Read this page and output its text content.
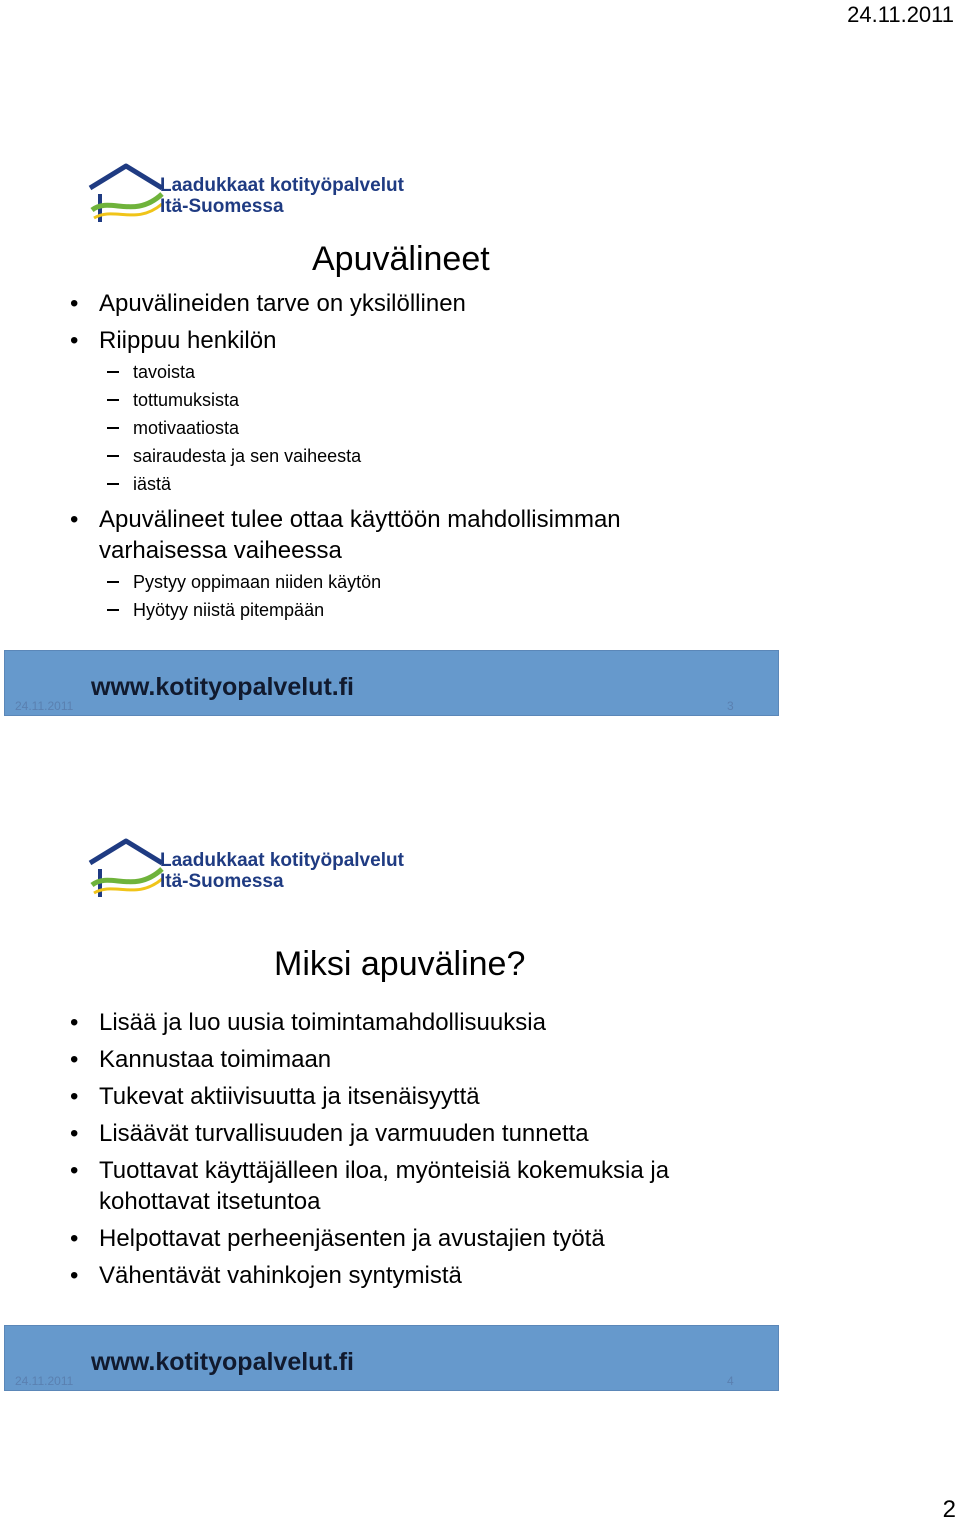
24.11.2011
Laadukkaat kotityöpalvelut
Itä-Suomessa
Apuvälineet
• Apuvälineiden tarve on yksilöllinen
• Riippuu henkilön
tavoista
tottumuksista
motivaatiosta
sairaudesta ja sen vaiheesta
iästä
• Apuvälineet tulee ottaa käyttöön mahdollisimman varhaisessa vaiheessa
Pystyy oppimaan niiden käytön
Hyötyy niistä pitempään
www.kotityopalvelut.fi
24.11.2011	3
Laadukkaat kotityöpalvelut
Itä-Suomessa
Miksi apuväline?
• Lisää ja luo uusia toimintamahdollisuuksia
• Kannustaa toimimaan
• Tukevat aktiivisuutta ja itsenäisyyttä
• Lisäävät turvallisuuden ja varmuuden tunnetta
• Tuottavat käyttäjälleen iloa, myönteisiä kokemuksia ja kohottavat itsetuntoa
• Helpottavat perheenjäsenten ja avustajien työtä
• Vähentävät vahinkojen syntymistä
www.kotityopalvelut.fi
24.11.2011	4
2
